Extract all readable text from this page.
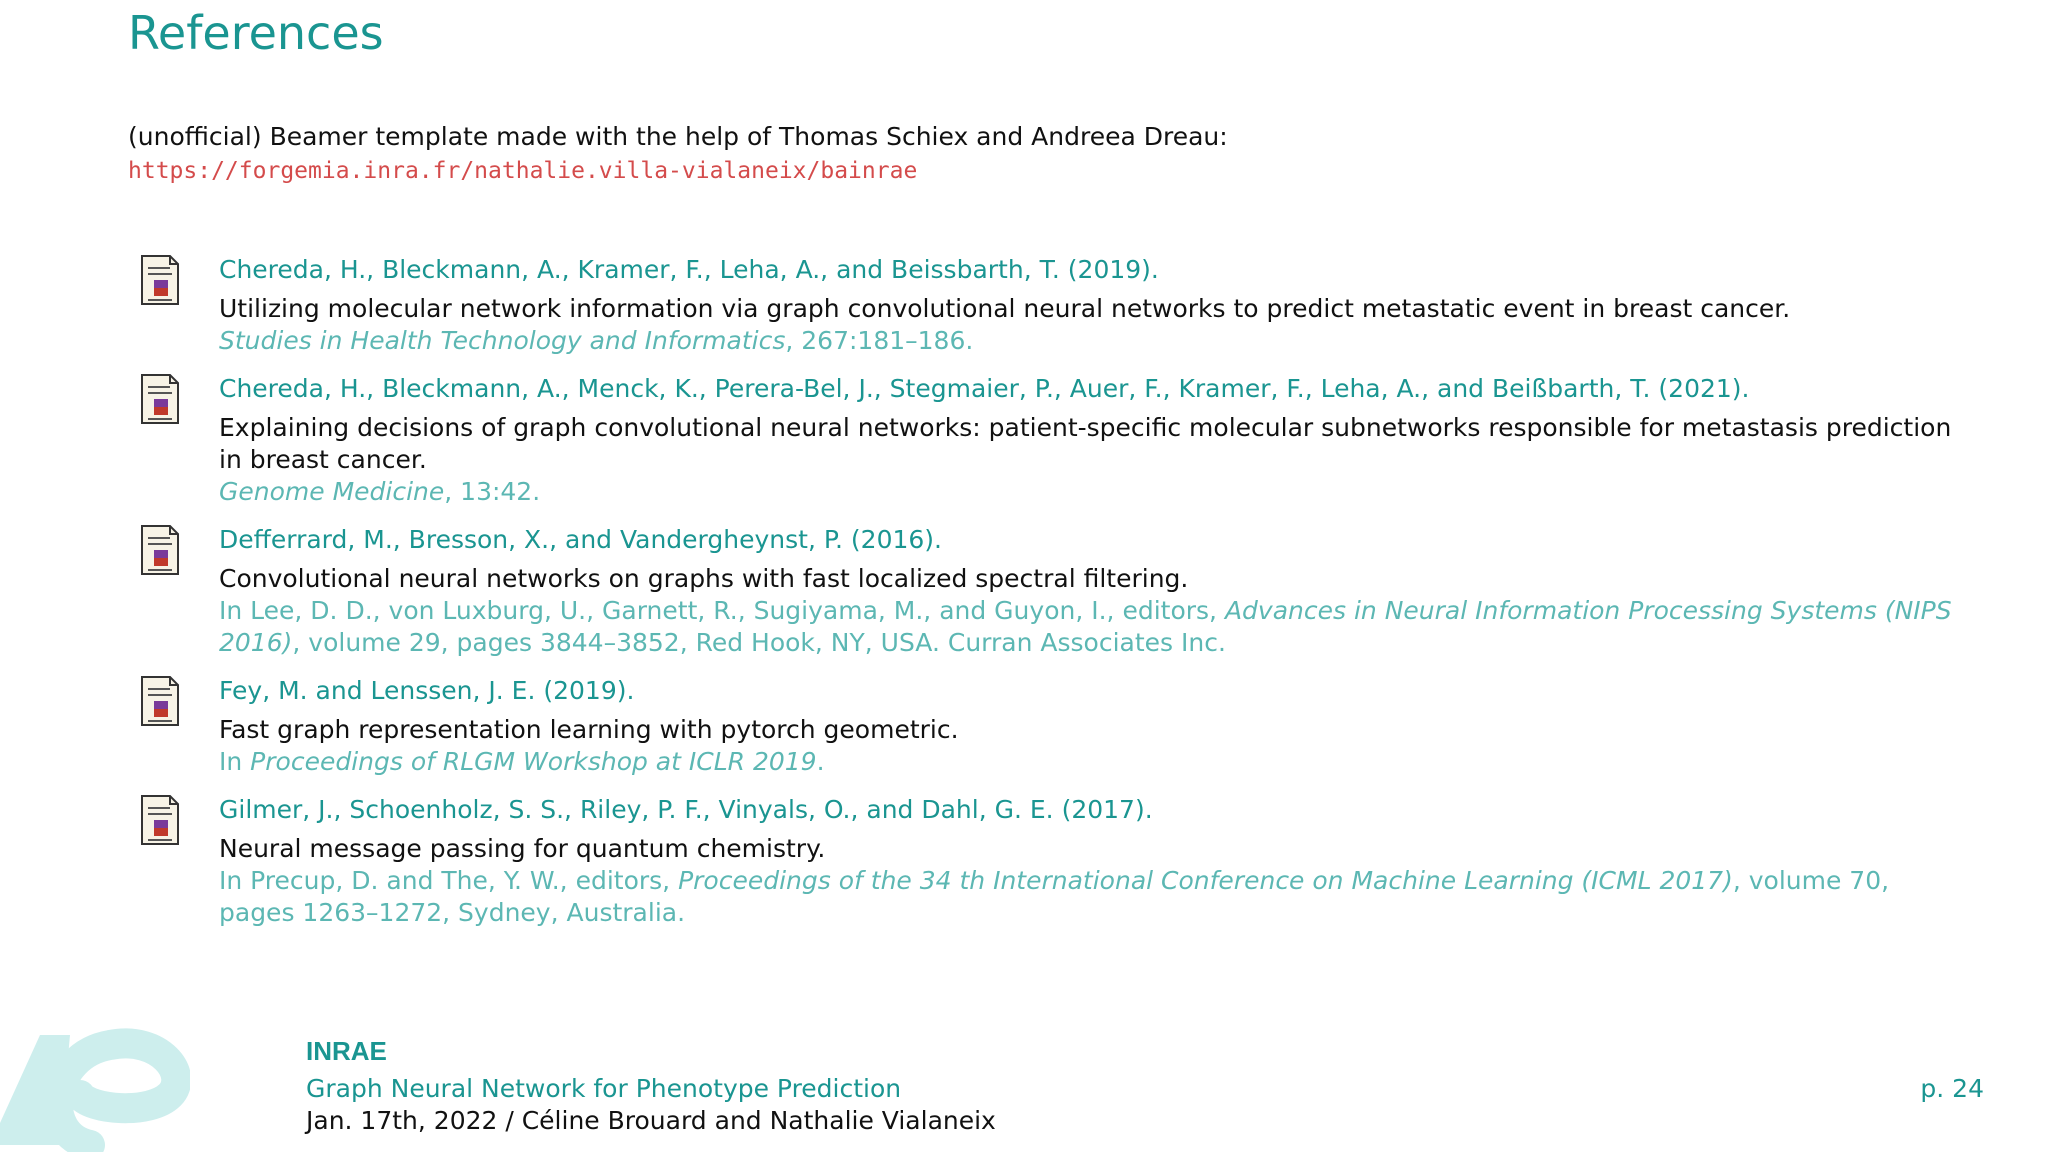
References
(unofficial) Beamer template made with the help of Thomas Schiex and Andreea Dreau:
https://forgemia.inra.fr/nathalie.villa-vialaneix/bainrae
Chereda, H., Bleckmann, A., Kramer, F., Leha, A., and Beissbarth, T. (2019).
Utilizing molecular network information via graph convolutional neural networks to predict metastatic event in breast cancer.
Studies in Health Technology and Informatics, 267:181–186.
Chereda, H., Bleckmann, A., Menck, K., Perera-Bel, J., Stegmaier, P., Auer, F., Kramer, F., Leha, A., and Beißbarth, T. (2021).
Explaining decisions of graph convolutional neural networks: patient-specific molecular subnetworks responsible for metastasis prediction in breast cancer.
Genome Medicine, 13:42.
Defferrard, M., Bresson, X., and Vandergheynst, P. (2016).
Convolutional neural networks on graphs with fast localized spectral filtering.
In Lee, D. D., von Luxburg, U., Garnett, R., Sugiyama, M., and Guyon, I., editors, Advances in Neural Information Processing Systems (NIPS 2016), volume 29, pages 3844–3852, Red Hook, NY, USA. Curran Associates Inc.
Fey, M. and Lenssen, J. E. (2019).
Fast graph representation learning with pytorch geometric.
In Proceedings of RLGM Workshop at ICLR 2019.
Gilmer, J., Schoenholz, S. S., Riley, P. F., Vinyals, O., and Dahl, G. E. (2017).
Neural message passing for quantum chemistry.
In Precup, D. and The, Y. W., editors, Proceedings of the 34 th International Conference on Machine Learning (ICML 2017), volume 70, pages 1263–1272, Sydney, Australia.
INRAE
Graph Neural Network for Phenotype Prediction
Jan. 17th, 2022 / Céline Brouard and Nathalie Vialaneix
p. 24
